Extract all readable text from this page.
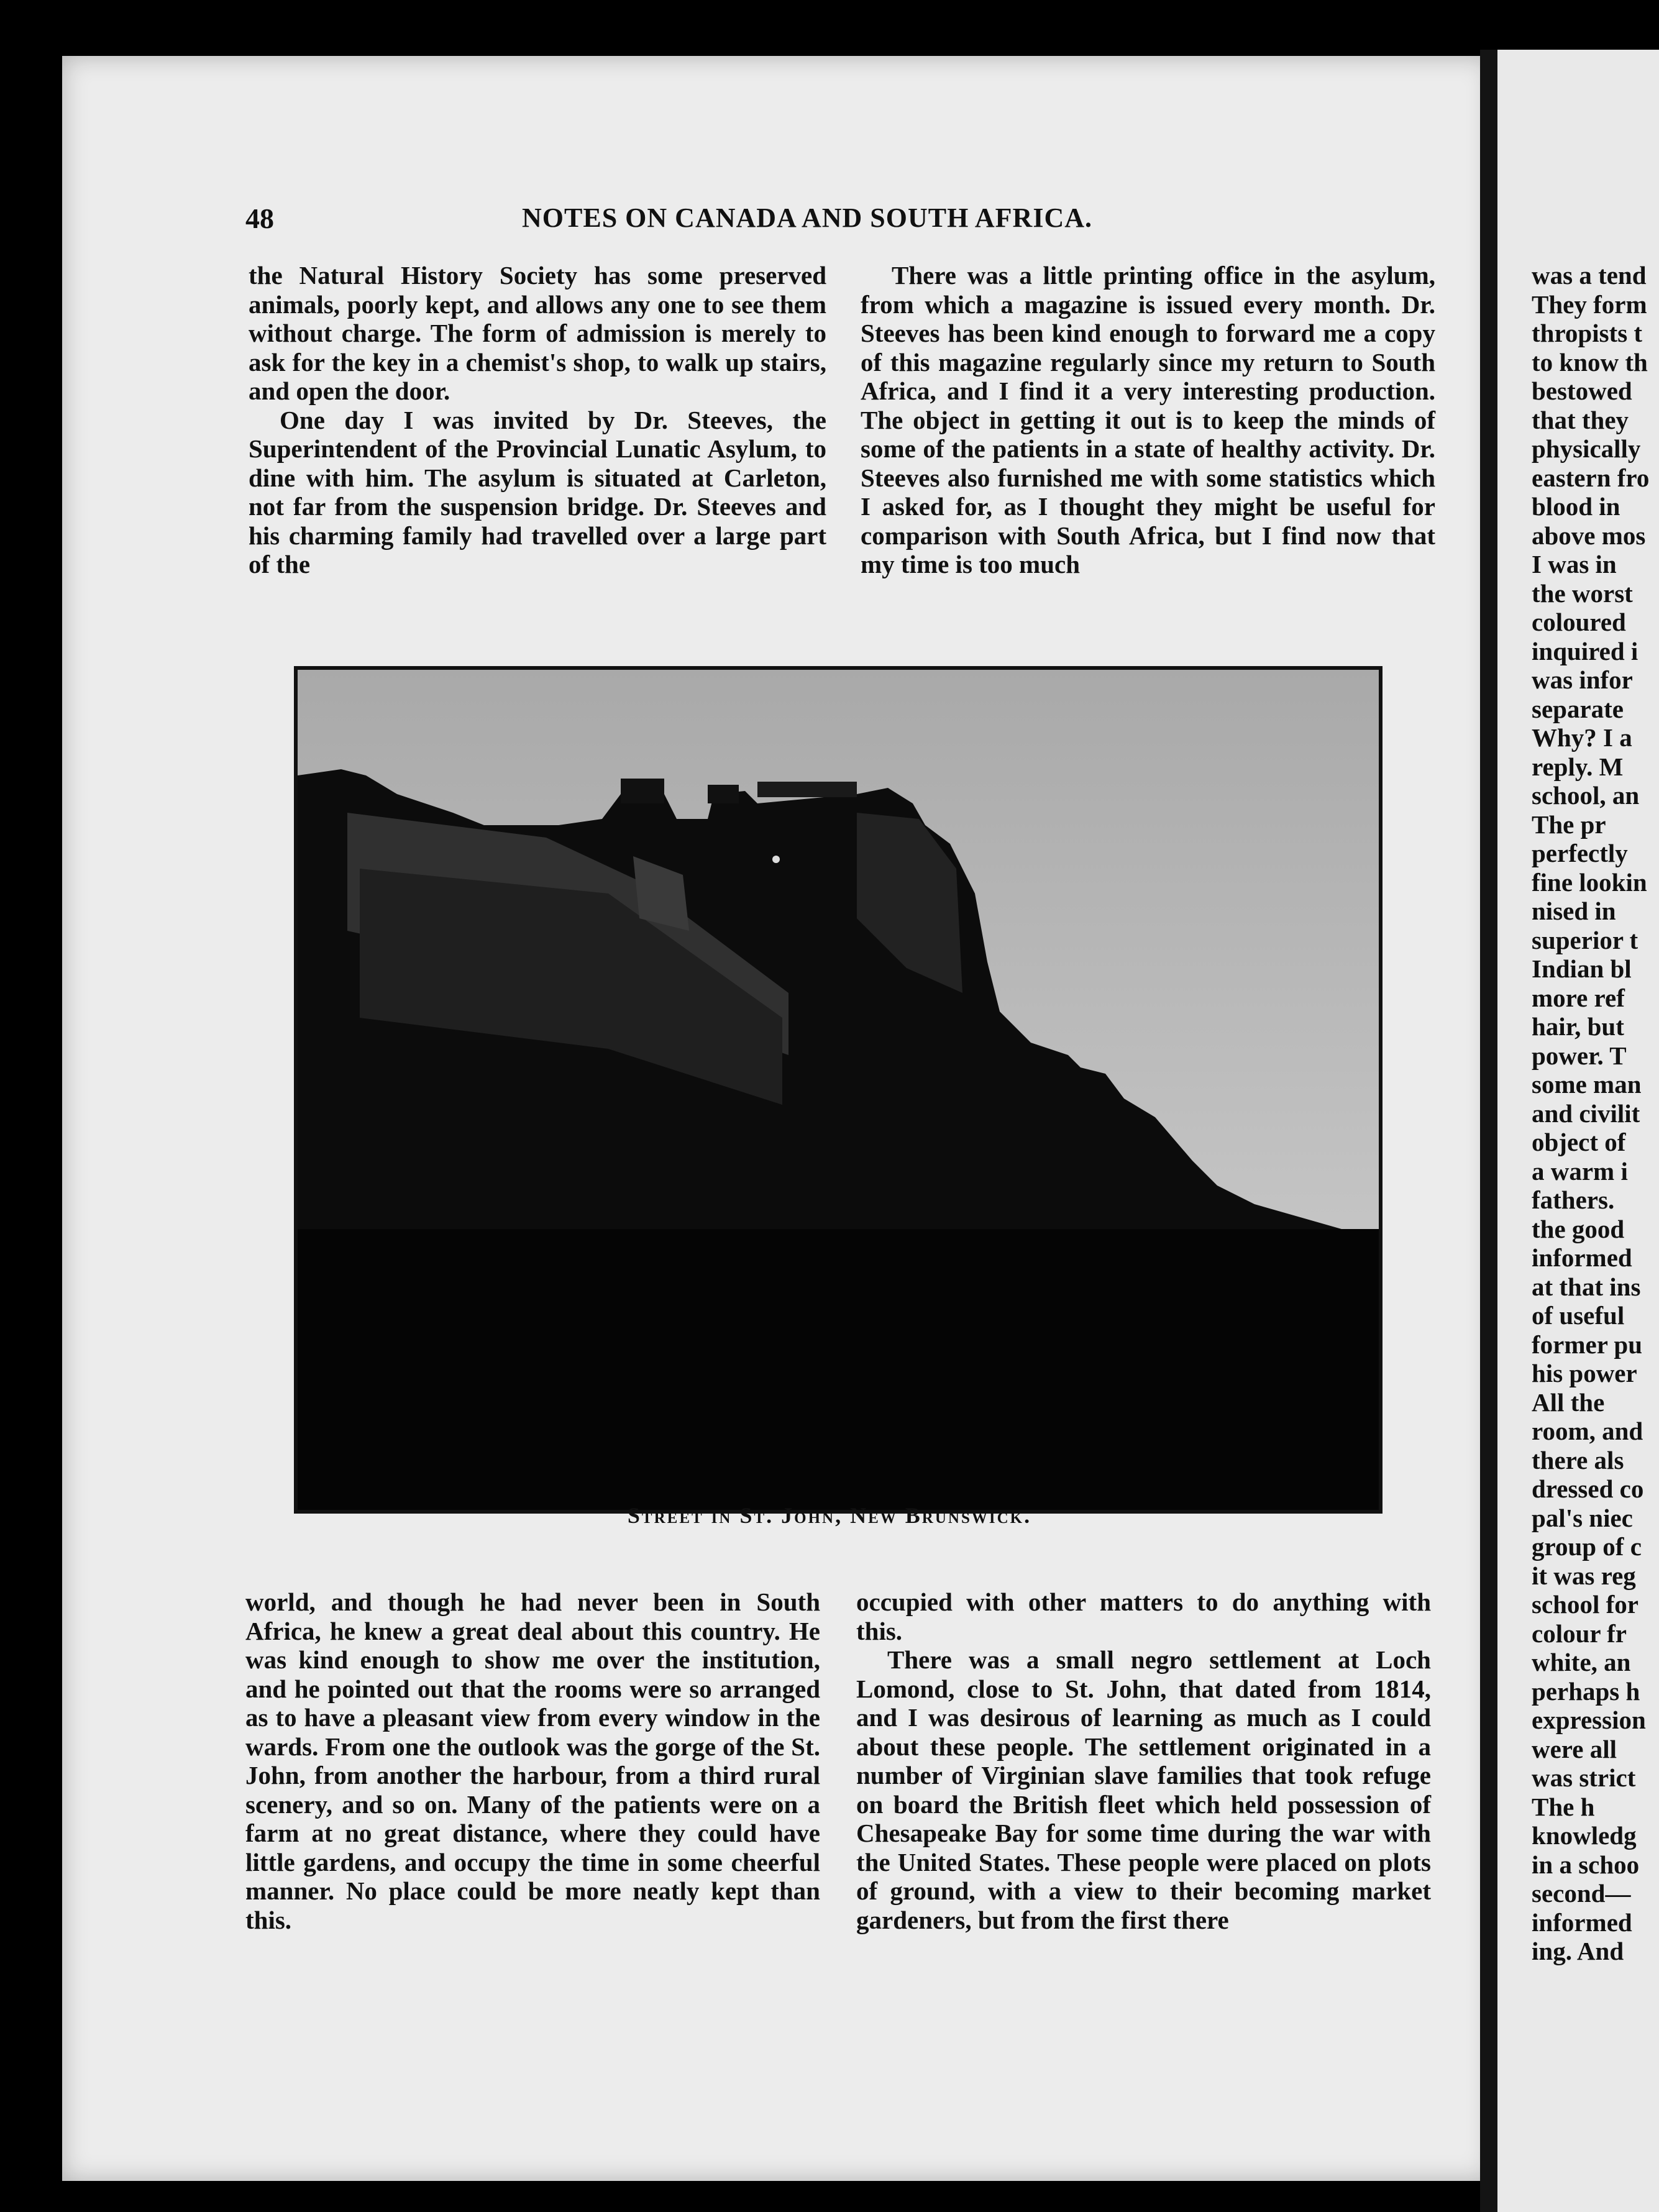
48	NOTES ON CANADA AND SOUTH AFRICA.

the Natural History Society has some preserved animals, poorly kept, and allows any one to see them without charge. The form of admission is merely to ask for the key in a chemist's shop, to walk up stairs, and open the door.

One day I was invited by Dr. Steeves, the Superintendent of the Provincial Lunatic Asylum, to dine with him. The asylum is situated at Carleton, not far from the suspension bridge. Dr. Steeves and his charming family had travelled over a large part of the

There was a little printing office in the asylum, from which a magazine is issued every month. Dr. Steeves has been kind enough to forward me a copy of this magazine regularly since my return to South Africa, and I find it a very interesting production. The object in getting it out is to keep the minds of some of the patients in a state of healthy activity. Dr. Steeves also furnished me with some statistics which I asked for, as I thought they might be useful for comparison with South Africa, but I find now that my time is too much

Street in St. John, New Brunswick.

world, and though he had never been in South Africa, he knew a great deal about this country. He was kind enough to show me over the institution, and he pointed out that the rooms were so arranged as to have a pleasant view from every window in the wards. From one the outlook was the gorge of the St. John, from another the harbour, from a third rural scenery, and so on. Many of the patients were on a farm at no great distance, where they could have little gardens, and occupy the time in some cheerful manner. No place could be more neatly kept than this.

occupied with other matters to do anything with this.

There was a small negro settlement at Loch Lomond, close to St. John, that dated from 1814, and I was desirous of learning as much as I could about these people. The settlement originated in a number of Virginian slave families that took refuge on board the British fleet which held possession of Chesapeake Bay for some time during the war with the United States. These people were placed on plots of ground, with a view to their becoming market gardeners, but from the first there

was a tend
They form
thropists t
to know th
bestowed
that they
physically
eastern fro
blood in
above mos
I was in
the worst
coloured
inquired i
was infor
separate
Why? I a
reply. M
school, an
The pr
perfectly
fine lookin
nised in
superior t
Indian bl
more ref
hair, but
power. T
some man
and civilit
object of
a warm i
fathers.
the good
informed
at that ins
of useful
former pu
his power
All the
room, and
there als
dressed co
pal's niec
group of c
it was reg
school for
colour fr
white, an
perhaps h
expression
were all
was strict
The h
knowledg
in a schoo
second—
informed
ing. And
